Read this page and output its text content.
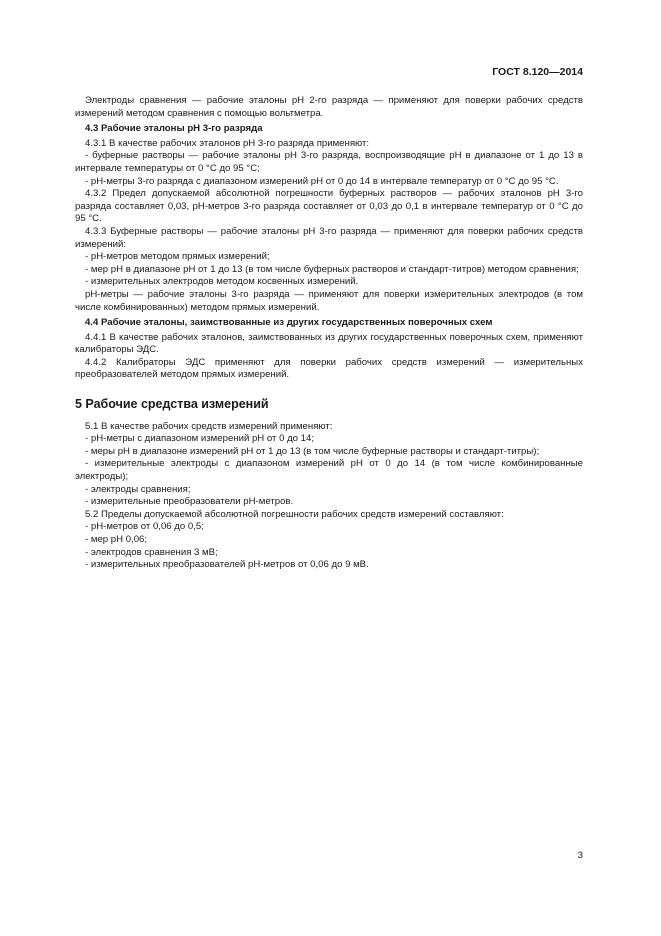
ГОСТ 8.120—2014
Электроды сравнения — рабочие эталоны рН 2-го разряда — применяют для поверки рабочих средств измерений методом сравнения с помощью вольтметра.
4.3 Рабочие эталоны рН 3-го разряда
4.3.1 В качестве рабочих эталонов рН 3-го разряда применяют:
- буферные растворы — рабочие эталоны рН 3-го разряда, воспроизводящие рН в диапазоне от 1 до 13 в интервале температуры от 0 °С до 95 °С;
- рН-метры 3-го разряда с диапазоном измерений рН от 0 до 14 в интервале температур от 0 °С до 95 °С.
4.3.2 Предел допускаемой абсолютной погрешности буферных растворов — рабочих эталонов рН 3-го разряда составляет 0,03, рН-метров 3-го разряда составляет от 0,03 до 0,1 в интервале температур от 0 °С до 95 °С.
4.3.3 Буферные растворы — рабочие эталоны рН 3-го разряда — применяют для поверки рабочих средств измерений:
- рН-метров методом прямых измерений;
- мер рН в диапазоне рН от 1 до 13 (в том числе буферных растворов и стандарт-титров) методом сравнения;
- измерительных электродов методом косвенных измерений.
рН-метры — рабочие эталоны 3-го разряда — применяют для поверки измерительных электродов (в том числе комбинированных) методом прямых измерений.
4.4 Рабочие эталоны, заимствованные из других государственных поверочных схем
4.4.1 В качестве рабочих эталонов, заимствованных из других государственных поверочных схем, применяют калибраторы ЭДС.
4.4.2 Калибраторы ЭДС применяют для поверки рабочих средств измерений — измерительных преобразователей методом прямых измерений.
5 Рабочие средства измерений
5.1 В качестве рабочих средств измерений применяют:
- рН-метры с диапазоном измерений рН от 0 до 14;
- меры рН в диапазоне измерений рН от 1 до 13 (в том числе буферные растворы и стандарт-титры);
- измерительные электроды с диапазоном измерений рН от 0 до 14 (в том числе комбинированные электроды);
- электроды сравнения;
- измерительные преобразователи рН-метров.
5.2 Пределы допускаемой абсолютной погрешности рабочих средств измерений составляют:
- рН-метров от 0,06 до 0,5;
- мер рН 0,06;
- электродов сравнения 3 мВ;
- измерительных преобразователей рН-метров от 0,06 до 9 мВ.
3
